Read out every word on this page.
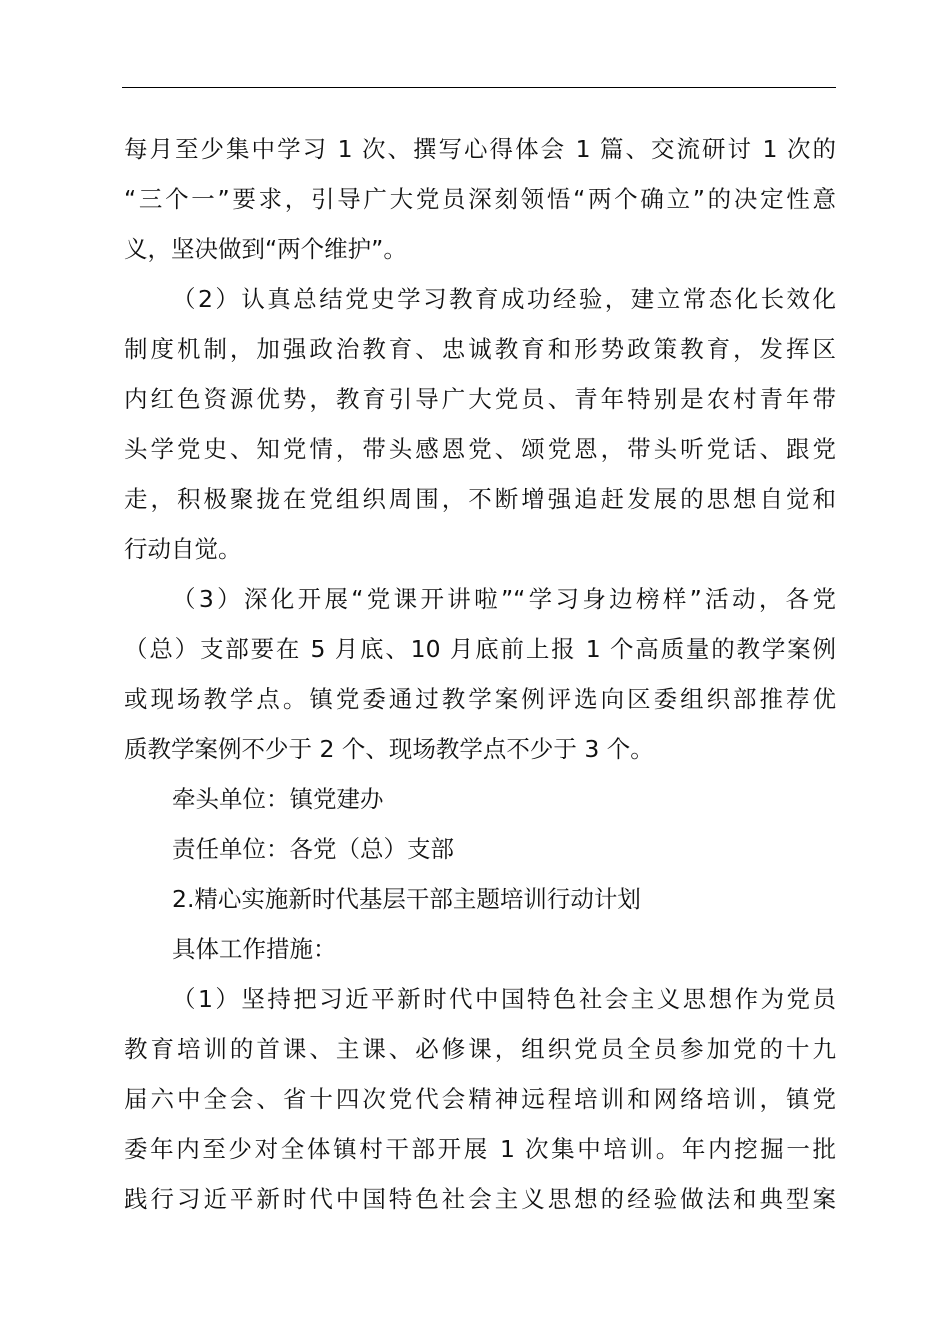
每月至少集中学习 1 次、撰写心得体会 1 篇、交流研讨 1 次的
“三个一”要求，引导广大党员深刻领悟“两个确立”的决定性意
义，坚决做到“两个维护”。
（2）认真总结党史学习教育成功经验，建立常态化长效化
制度机制，加强政治教育、忠诚教育和形势政策教育，发挥区
内红色资源优势，教育引导广大党员、青年特别是农村青年带
头学党史、知党情，带头感恩党、颂党恩，带头听党话、跟党
走，积极聚拢在党组织周围，不断增强追赶发展的思想自觉和
行动自觉。
（3）深化开展“党课开讲啦”“学习身边榜样”活动，各党
（总）支部要在 5 月底、10 月底前上报 1 个高质量的教学案例
或现场教学点。镇党委通过教学案例评选向区委组织部推荐优
质教学案例不少于 2 个、现场教学点不少于 3 个。
牵头单位：镇党建办
责任单位：各党（总）支部
2.精心实施新时代基层干部主题培训行动计划
具体工作措施：
（1）坚持把习近平新时代中国特色社会主义思想作为党员
教育培训的首课、主课、必修课，组织党员全员参加党的十九
届六中全会、省十四次党代会精神远程培训和网络培训，镇党
委年内至少对全体镇村干部开展 1 次集中培训。年内挖掘一批
践行习近平新时代中国特色社会主义思想的经验做法和典型案
